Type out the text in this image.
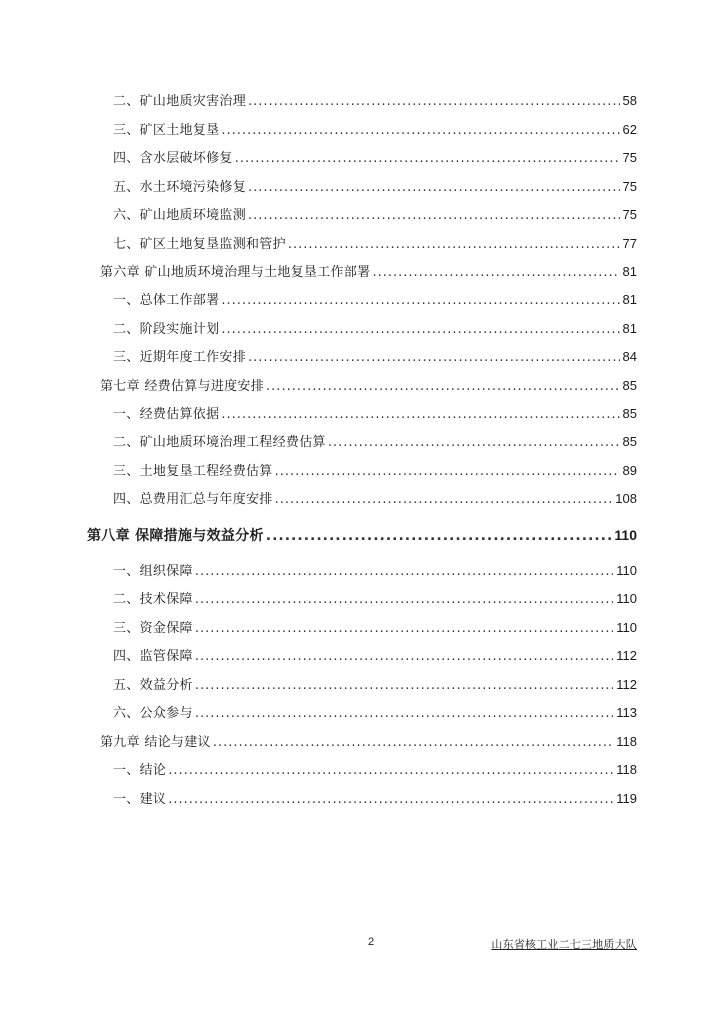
二、矿山地质灾害治理 .....	58
三、矿区土地复垦 .....	62
四、含水层破坏修复 .....	75
五、水土环境污染修复 .....	75
六、矿山地质环境监测 .....	75
七、矿区土地复垦监测和管护 .....	77
第六章 矿山地质环境治理与土地复垦工作部署 .....	81
一、总体工作部署 .....	81
二、阶段实施计划 .....	81
三、近期年度工作安排 .....	84
第七章 经费估算与进度安排 .....	85
一、经费估算依据 .....	85
二、矿山地质环境治理工程经费估算 .....	85
三、土地复垦工程经费估算 .....	89
四、总费用汇总与年度安排 .....	108
第八章 保障措施与效益分析 .....	110
一、组织保障 .....	110
二、技术保障 .....	110
三、资金保障 .....	110
四、监管保障 .....	112
五、效益分析 .....	112
六、公众参与 .....	113
第九章 结论与建议 .....	118
一、结论 .....	118
一、建议 .....	119
2	山东省核工业二七三地质大队
